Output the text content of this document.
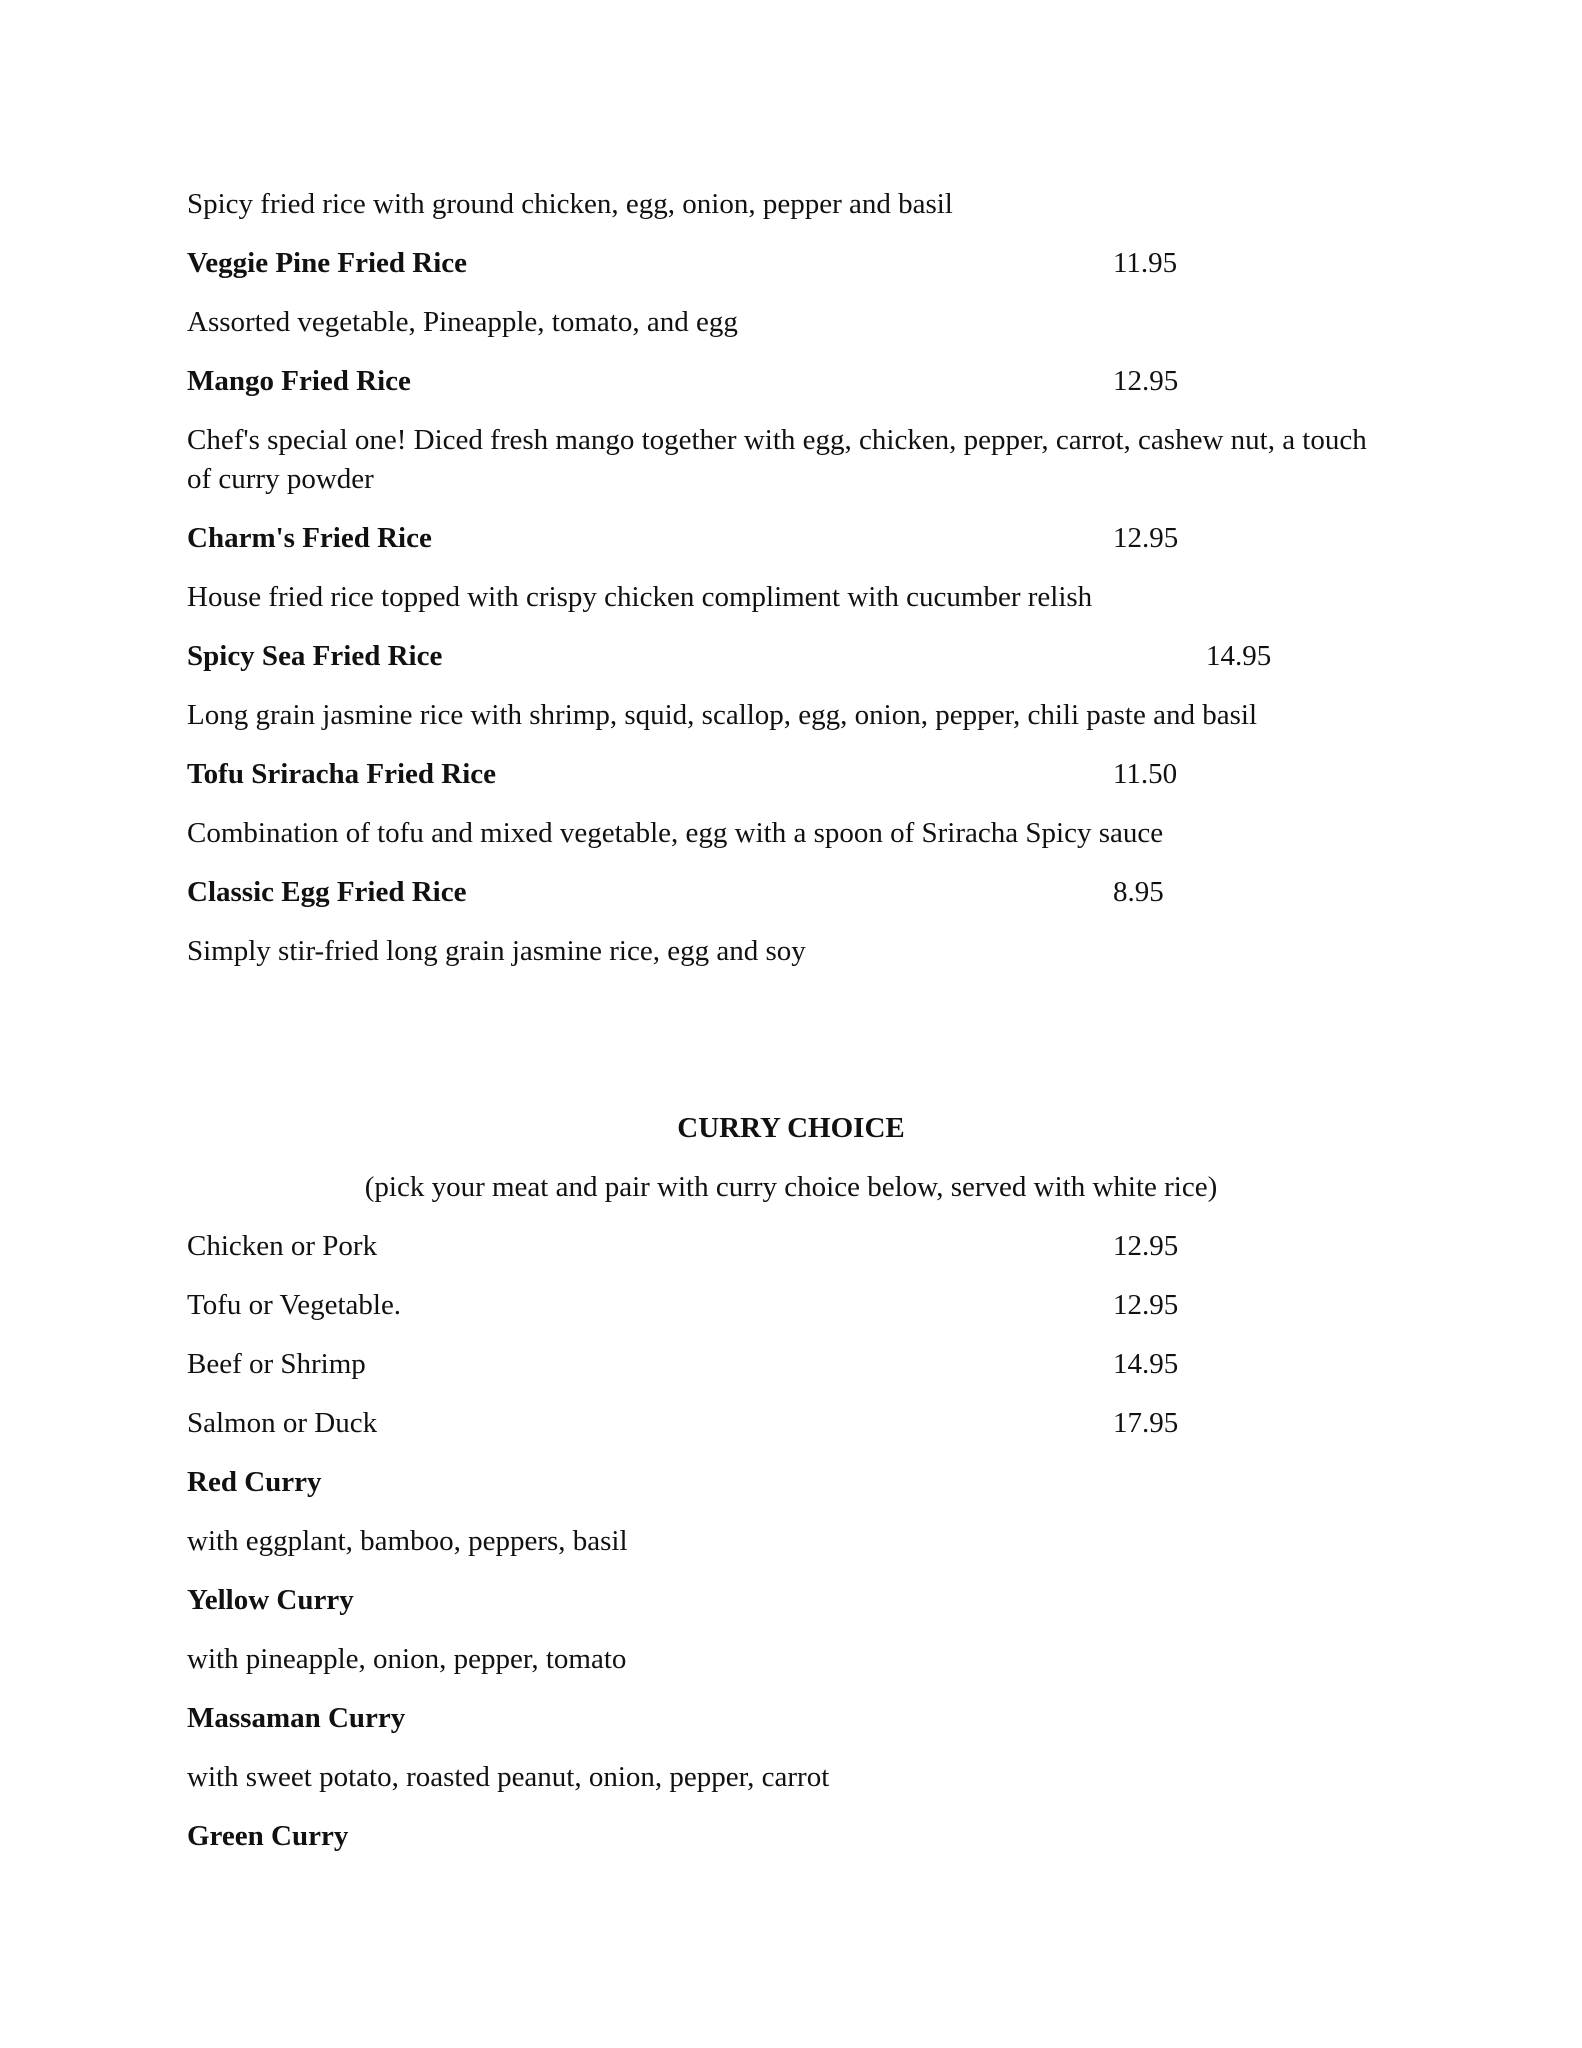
Spicy fried rice with ground chicken, egg, onion, pepper and basil
Veggie Pine Fried Rice	11.95
Assorted vegetable, Pineapple, tomato, and egg
Mango Fried Rice	12.95
Chef's special one! Diced fresh mango together with egg, chicken, pepper, carrot, cashew nut, a touch of curry powder
Charm's Fried Rice	12.95
House fried rice topped with crispy chicken compliment with cucumber relish
Spicy Sea Fried Rice	14.95
Long grain jasmine rice with shrimp, squid, scallop, egg, onion, pepper, chili paste and basil
Tofu Sriracha Fried Rice	11.50
Combination of tofu and mixed vegetable, egg with a spoon of Sriracha Spicy sauce
Classic Egg Fried Rice	8.95
Simply stir-fried long grain jasmine rice, egg and soy
CURRY CHOICE
(pick your meat and pair with curry choice below, served with white rice)
Chicken or Pork	12.95
Tofu or Vegetable.	12.95
Beef or Shrimp	14.95
Salmon or Duck	17.95
Red Curry
with eggplant, bamboo, peppers, basil
Yellow Curry
with pineapple, onion, pepper, tomato
Massaman Curry
with sweet potato, roasted peanut, onion, pepper, carrot
Green Curry
